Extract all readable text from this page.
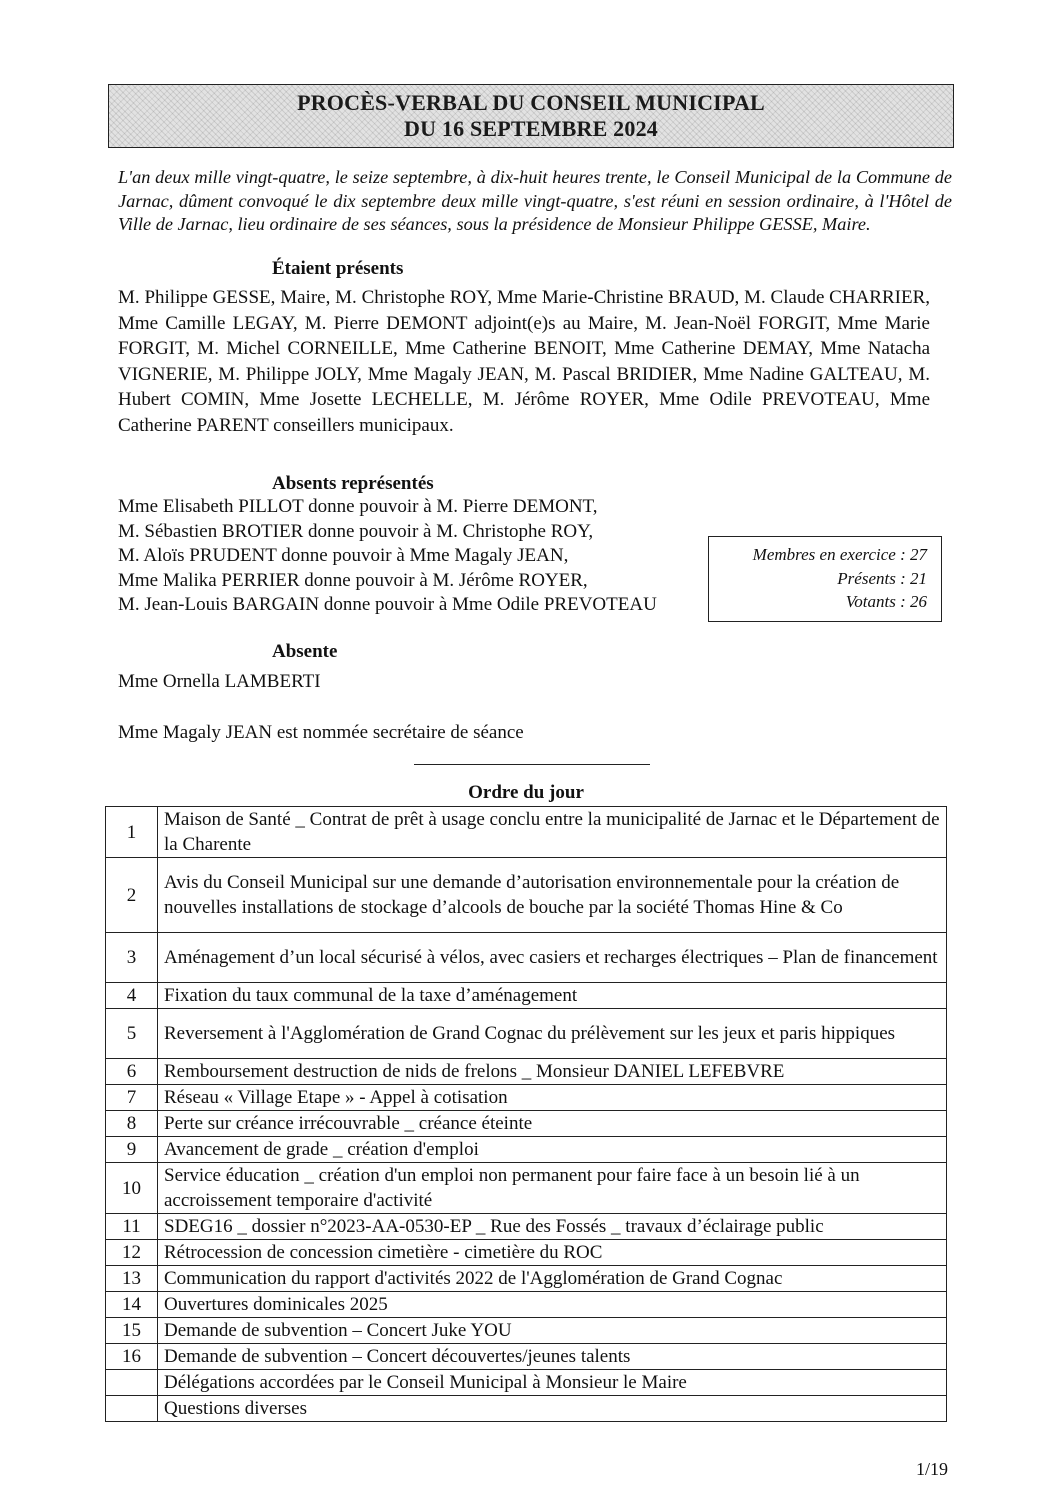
PROCÈS-VERBAL DU CONSEIL MUNICIPAL
DU 16 SEPTEMBRE 2024
L'an deux mille vingt-quatre, le seize septembre, à dix-huit heures trente, le Conseil Municipal de la Commune de Jarnac, dûment convoqué le dix septembre deux mille vingt-quatre, s'est réuni en session ordinaire, à l'Hôtel de Ville de Jarnac, lieu ordinaire de ses séances, sous la présidence de Monsieur Philippe GESSE, Maire.
Étaient présents
M. Philippe GESSE, Maire, M. Christophe ROY, Mme Marie-Christine BRAUD, M. Claude CHARRIER, Mme Camille LEGAY, M. Pierre DEMONT adjoint(e)s au Maire, M. Jean-Noël FORGIT, Mme Marie FORGIT, M. Michel CORNEILLE, Mme Catherine BENOIT, Mme Catherine DEMAY, Mme Natacha VIGNERIE, M. Philippe JOLY, Mme Magaly JEAN, M. Pascal BRIDIER, Mme Nadine GALTEAU, M. Hubert COMIN, Mme Josette LECHELLE, M. Jérôme ROYER, Mme Odile PREVOTEAU, Mme Catherine PARENT conseillers municipaux.
Absents représentés
Mme Elisabeth PILLOT donne pouvoir à M. Pierre DEMONT,
M. Sébastien BROTIER donne pouvoir à M. Christophe ROY,
M. Aloïs PRUDENT donne pouvoir à Mme Magaly JEAN,
Mme Malika PERRIER donne pouvoir à M. Jérôme ROYER,
M. Jean-Louis BARGAIN donne pouvoir à Mme Odile PREVOTEAU
Membres en exercice : 27
Présents : 21
Votants : 26
Absente
Mme Ornella LAMBERTI
Mme Magaly JEAN est nommée secrétaire de séance
Ordre du jour
1	Maison de Santé _ Contrat de prêt à usage conclu entre la municipalité de Jarnac et le Département de la Charente
2	Avis du Conseil Municipal sur une demande d’autorisation environnementale pour la création de nouvelles installations de stockage d’alcools de bouche par la société Thomas Hine & Co
3	Aménagement d’un local sécurisé à vélos, avec casiers et recharges électriques – Plan de financement
4	Fixation du taux communal de la taxe d’aménagement
5	Reversement à l'Agglomération de Grand Cognac du prélèvement sur les jeux et paris hippiques
6	Remboursement destruction de nids de frelons _ Monsieur DANIEL LEFEBVRE
7	Réseau « Village Etape » - Appel à cotisation
8	Perte sur créance irrécouvrable _ créance éteinte
9	Avancement de grade _ création d'emploi
10	Service éducation _ création d'un emploi non permanent pour faire face à un besoin lié à un accroissement temporaire d'activité
11	SDEG16 _ dossier n°2023-AA-0530-EP _ Rue des Fossés _ travaux d’éclairage public
12	Rétrocession de concession cimetière - cimetière du ROC
13	Communication du rapport d'activités 2022 de l'Agglomération de Grand Cognac
14	Ouvertures dominicales 2025
15	Demande de subvention – Concert Juke YOU
16	Demande de subvention – Concert découvertes/jeunes talents
	Délégations accordées par le Conseil Municipal à Monsieur le Maire
	Questions diverses
1/19
